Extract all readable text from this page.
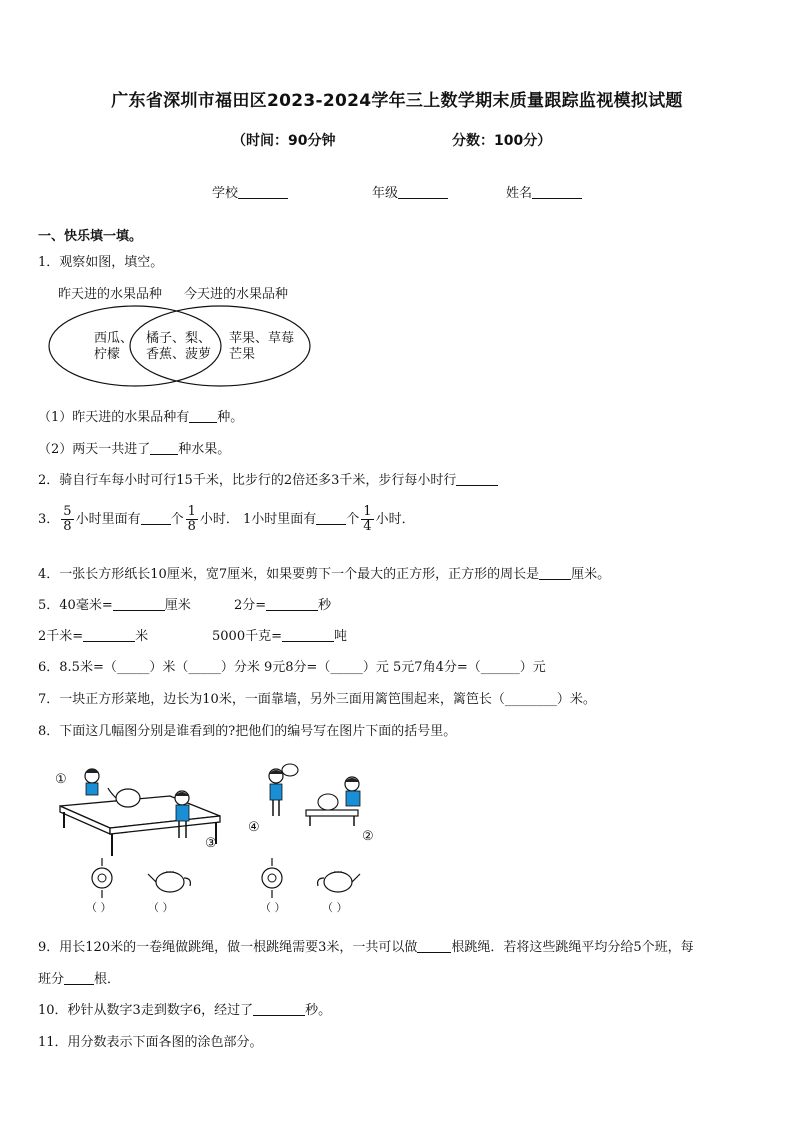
广东省深圳市福田区2023-2024学年三上数学期末质量跟踪监视模拟试题
（时间：90分钟	分数：100分）
学校	年级	姓名
一、快乐填一填。
1．观察如图，填空。
昨天进的水果品种 今天进的水果品种
西瓜、
柠檬
橘子、梨、
香蕉、菠萝
苹果、草莓
芒果
（1）昨天进的水果品种有 种。
（2）两天一共进了 种水果。
2．骑自行车每小时可行15千米，比步行的2倍还多3千米，步行每小时行
3． $\frac{5}{8}$ 小时里面有 个 $\frac{1}{8}$ 小时． 1小时里面有 个 $\frac{1}{4}$ 小时．
4．一张长方形纸长10厘米，宽7厘米，如果要剪下一个最大的正方形，正方形的周长是 厘米。
5．40毫米=	厘米	2分=	秒
2千米=	米	5000千克=	吨
6．8.5米=（_____）米（_____）分米 9元8分=（_____）元 5元7角4分=（______）元
7．一块正方形菜地，边长为10米，一面靠墙，另外三面用篱笆围起来，篱笆长（________）米。
8．下面这几幅图分别是谁看到的?把他们的编号写在图片下面的括号里。
①
③
（ ）	（ ）
④
②
（ ）	（ ）
9．用长120米的一卷绳做跳绳，做一根跳绳需要3米，一共可以做	根跳绳．若将这些跳绳平均分给5个班，每
班分 根．
10．秒针从数字3走到数字6，经过了	秒。
11．用分数表示下面各图的涂色部分。
